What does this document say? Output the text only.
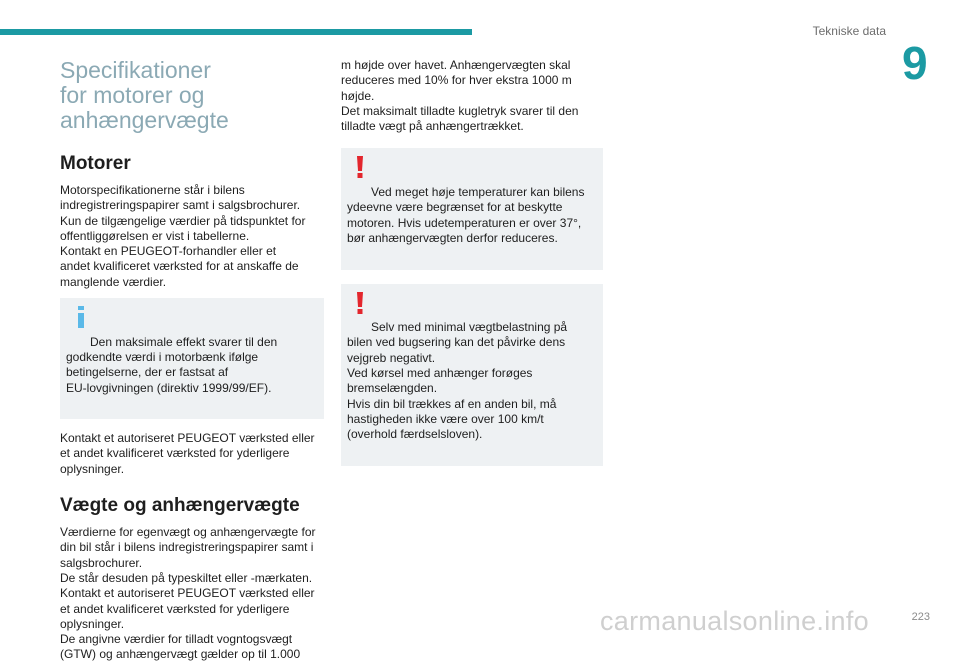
Tekniske data
9
Specifikationer
for motorer og
anhængervægte
Motorer

Motorspecifikationerne står i bilens
indregistreringspapirer samt i salgsbrochurer.
Kun de tilgængelige værdier på tidspunktet for
offentliggørelsen er vist i tabellerne.
Kontakt en PEUGEOT-forhandler eller et
andet kvalificeret værksted for at anskaffe de
manglende værdier.

Den maksimale effekt svarer til den
godkendte værdi i motorbænk ifølge
betingelserne, der er fastsat af
EU-lovgivningen (direktiv 1999/99/EF).

Kontakt et autoriseret PEUGEOT værksted eller
et andet kvalificeret værksted for yderligere
oplysninger.

Vægte og anhængervægte

Værdierne for egenvægt og anhængervægte for
din bil står i bilens indregistreringspapirer samt i
salgsbrochurer.
De står desuden på typeskiltet eller -mærkaten.
Kontakt et autoriseret PEUGEOT værksted eller
et andet kvalificeret værksted for yderligere
oplysninger.
De angivne værdier for tilladt vogntogsvægt
(GTW) og anhængervægt gælder op til 1.000

m højde over havet. Anhængervægten skal
reduceres med 10% for hver ekstra 1000 m
højde.
Det maksimalt tilladte kugletryk svarer til den
tilladte vægt på anhængertrækket.

Ved meget høje temperaturer kan bilens
ydeevne være begrænset for at beskytte
motoren. Hvis udetemperaturen er over 37°,
bør anhængervægten derfor reduceres.

Selv med minimal vægtbelastning på
bilen ved bugsering kan det påvirke dens
vejgreb negativt.
Ved kørsel med anhænger forøges
bremselængden.
Hvis din bil trækkes af en anden bil, må
hastigheden ikke være over 100 km/t
(overhold færdselsloven).

223
carmanualsonline.info
